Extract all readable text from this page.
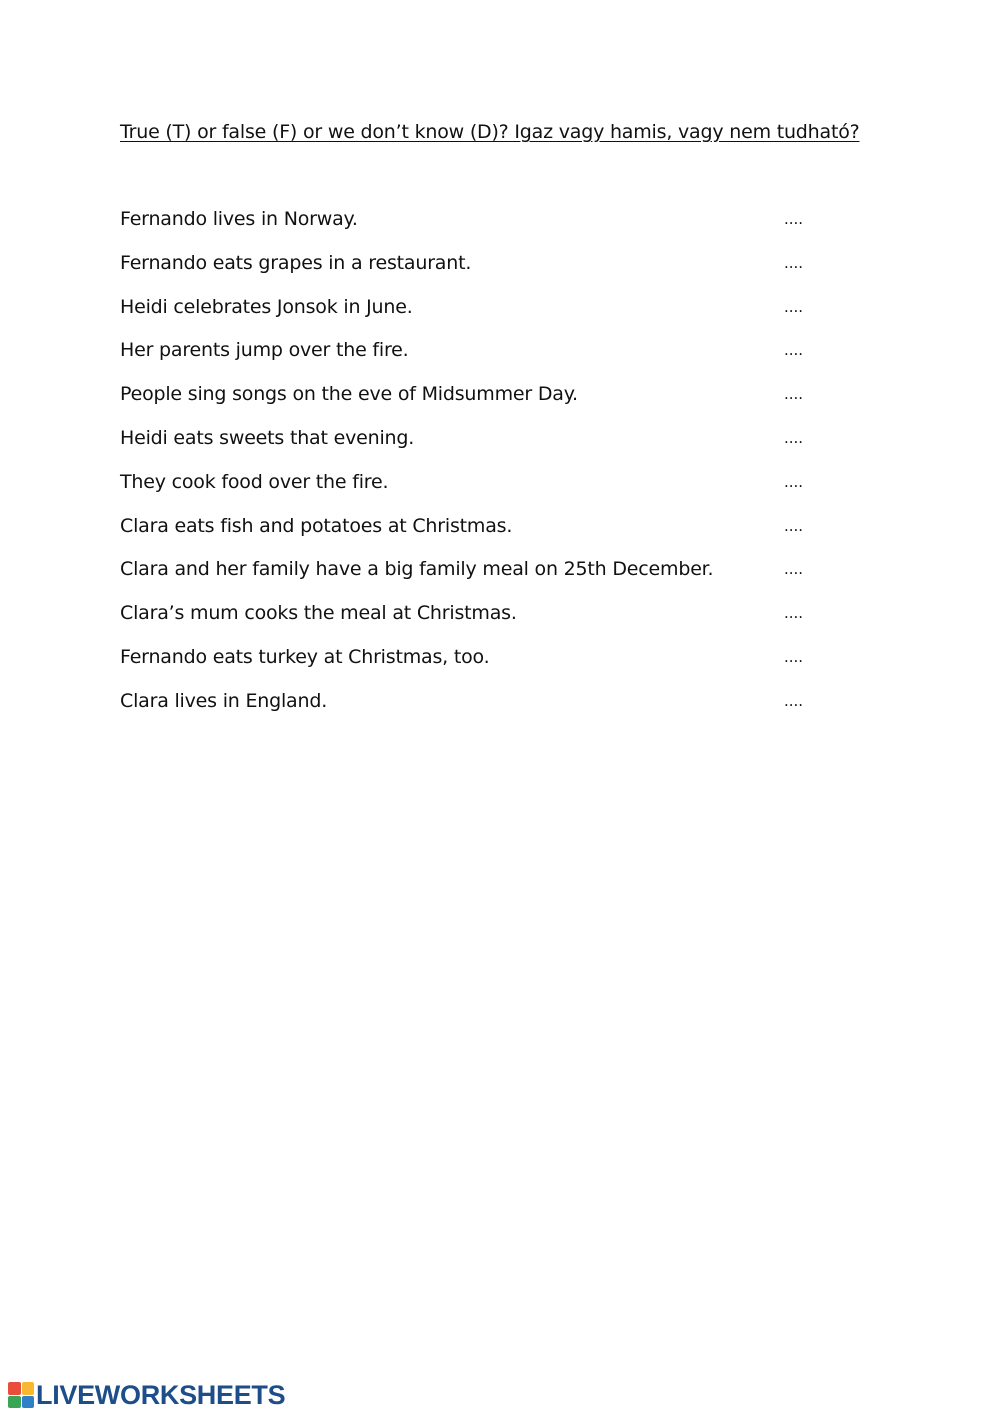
True (T) or false (F) or we don’t know (D)? Igaz vagy hamis, vagy nem tudható?
Fernando lives in Norway.	....
Fernando eats grapes in a restaurant.	....
Heidi celebrates Jonsok in June.	....
Her parents jump over the fire.	....
People sing songs on the eve of Midsummer Day.	....
Heidi eats sweets that evening.	....
They cook food over the fire.	....
Clara eats fish and potatoes at Christmas.	....
Clara and her family have a big family meal on 25th December.	....
Clara’s mum cooks the meal at Christmas.	....
Fernando eats turkey at Christmas, too.	....
Clara lives in England.	....
LIVEWORKSHEETS
